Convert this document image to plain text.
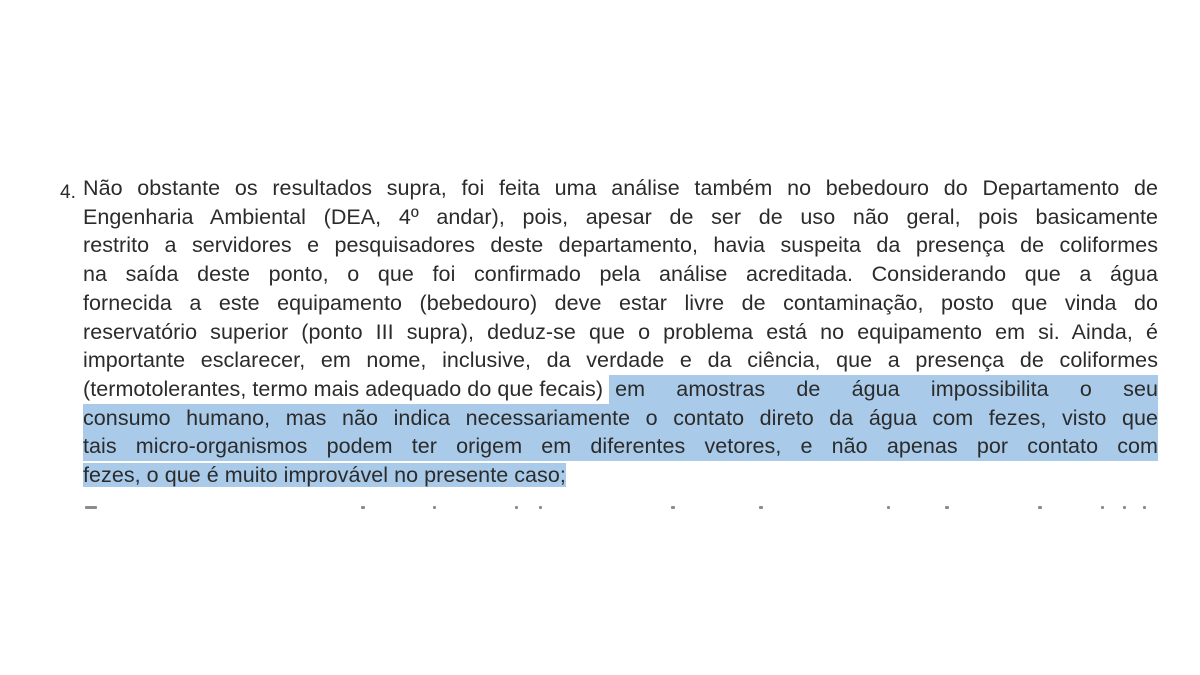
4. Não obstante os resultados supra, foi feita uma análise também no bebedouro do Departamento de
Engenharia Ambiental (DEA, 4º andar), pois, apesar de ser de uso não geral, pois basicamente
restrito a servidores e pesquisadores deste departamento, havia suspeita da presença de coliformes
na saída deste ponto, o que foi confirmado pela análise acreditada. Considerando que a água
fornecida a este equipamento (bebedouro) deve estar livre de contaminação, posto que vinda do
reservatório superior (ponto III supra), deduz-se que o problema está no equipamento em si. Ainda, é
importante esclarecer, em nome, inclusive, da verdade e da ciência, que a presença de coliformes
(termotolerantes, termo mais adequado do que fecais) em amostras de água impossibilita o seu
consumo humano, mas não indica necessariamente o contato direto da água com fezes, visto que
tais micro-organismos podem ter origem em diferentes vetores, e não apenas por contato com
fezes, o que é muito improvável no presente caso;
